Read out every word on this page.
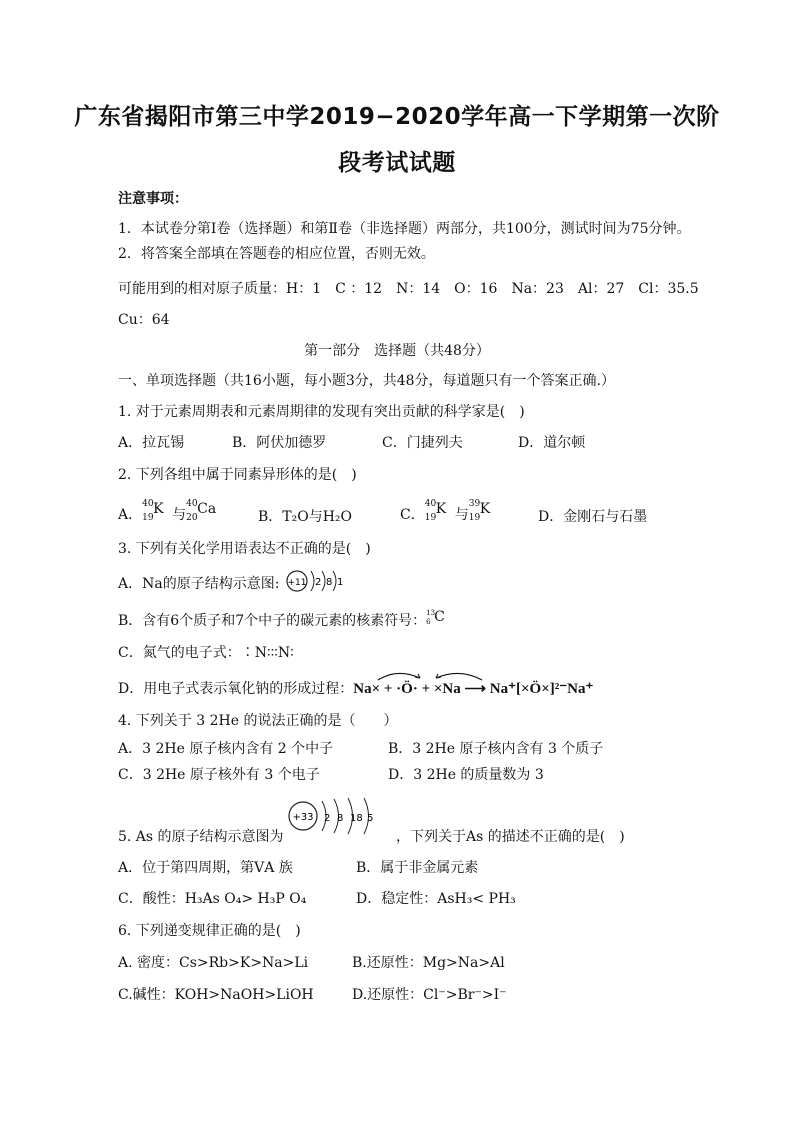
广东省揭阳市第三中学2019−2020学年高一下学期第一次阶
段考试试题
注意事项：
1．本试卷分第Ⅰ卷（选择题）和第Ⅱ卷（非选择题）两部分，共100分，测试时间为75分钟。
2．将答案全部填在答题卷的相应位置，否则无效。
可能用到的相对原子质量：H：1　C ：12　N：14　O：16　Na：23　Al：27　Cl：35.5
Cu：64
第一部分　选择题（共48分）
一、单项选择题（共16小题，每小题3分，共48分，每道题只有一个答案正确.）
1. 对于元素周期表和元素周期律的发现有突出贡献的科学家是(　)
A．拉瓦锡	B．阿伏加德罗	C．门捷列夫	D．道尔顿
2. 下列各组中属于同素异形体的是(　)
A．
40
19
K 与
40
20
Ca	B．T₂O与H₂O	C．
40
19
K 与
39
19
K	D．金刚石与石墨
3. 下列有关化学用语表达不正确的是(　)
A．Na的原子结构示意图: +11 2 8 1
B．含有6个质子和7个中子的碳元素的核素符号： 13
6 C
C．氮气的电子式：∶N∶∶∶N∶
D．用电子式表示氧化钠的形成过程：Na× + ·Ö· + ×Na ⟶ Na⁺[×Ö×]²⁻Na⁺
4. 下列关于 3 2He 的说法正确的是（　　）
A．3 2He 原子核内含有 2 个中子	B．3 2He 原子核内含有 3 个质子
C．3 2He 原子核外有 3 个电子	D．3 2He 的质量数为 3
+33 2 8 18 5
5. As 的原子结构示意图为	，下列关于As 的描述不正确的是(　)
A．位于第四周期，第ⅤA 族	B．属于非金属元素
C．酸性：H₃As O₄> H₃P O₄	D．稳定性：AsH₃< PH₃
6. 下列递变规律正确的是(　)
A. 密度：Cs>Rb>K>Na>Li	B.还原性：Mg>Na>Al
C.碱性：KOH>NaOH>LiOH	D.还原性：Cl⁻>Br⁻>I⁻
